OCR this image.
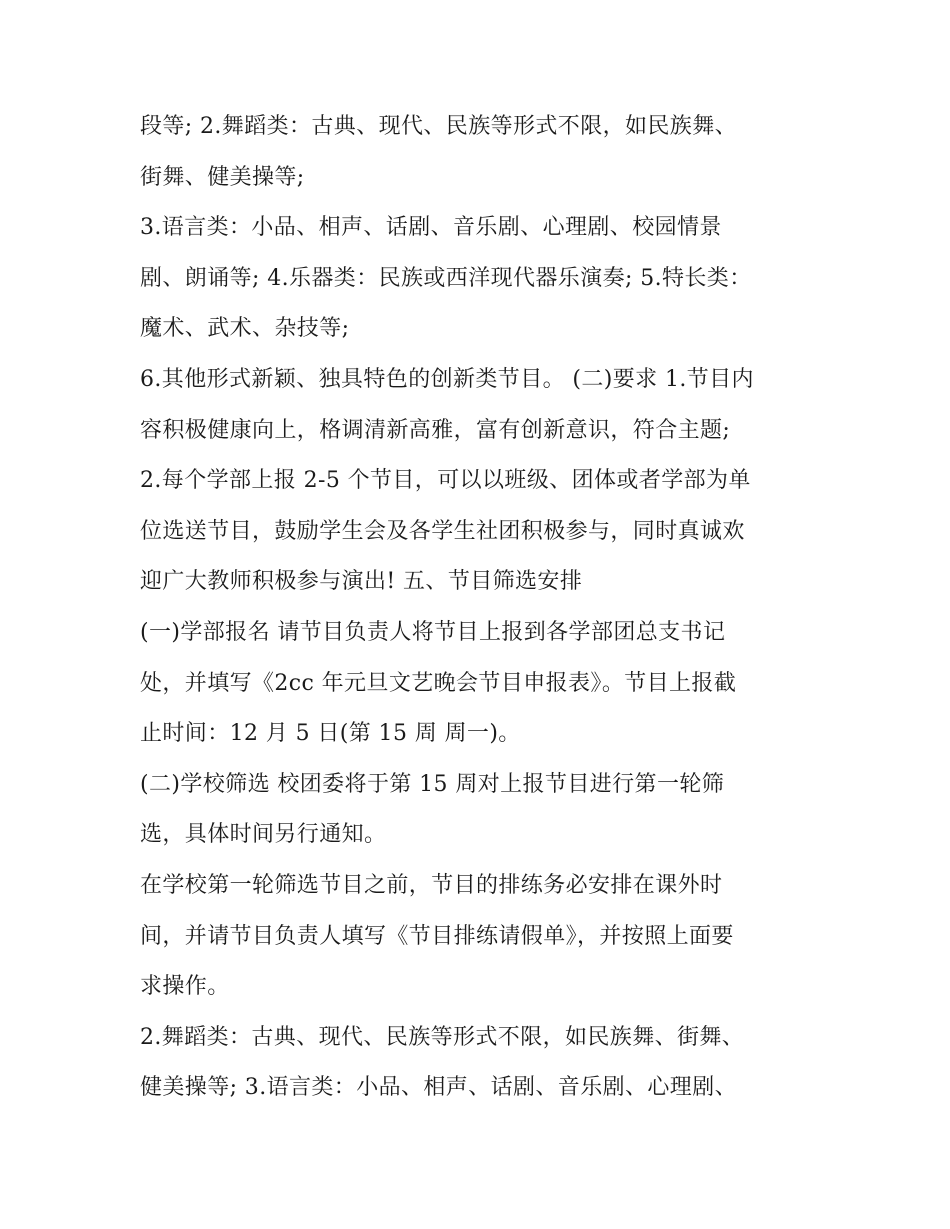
段等; 2.舞蹈类：古典、现代、民族等形式不限，如民族舞、
街舞、健美操等;
3.语言类：小品、相声、话剧、音乐剧、心理剧、校园情景
剧、朗诵等; 4.乐器类：民族或西洋现代器乐演奏; 5.特长类：
魔术、武术、杂技等;
6.其他形式新颖、独具特色的创新类节目。 (二)要求 1.节目内
容积极健康向上，格调清新高雅，富有创新意识，符合主题;
2.每个学部上报 2-5 个节目，可以以班级、团体或者学部为单
位选送节目，鼓励学生会及各学生社团积极参与，同时真诚欢
迎广大教师积极参与演出! 五、节目筛选安排
(一)学部报名 请节目负责人将节目上报到各学部团总支书记
处，并填写《2cc 年元旦文艺晚会节目申报表》。节目上报截
止时间：12 月 5 日(第 15 周 周一)。
(二)学校筛选 校团委将于第 15 周对上报节目进行第一轮筛
选，具体时间另行通知。
在学校第一轮筛选节目之前，节目的排练务必安排在课外时
间，并请节目负责人填写《节目排练请假单》，并按照上面要
求操作。
2.舞蹈类：古典、现代、民族等形式不限，如民族舞、街舞、
健美操等; 3.语言类：小品、相声、话剧、音乐剧、心理剧、
